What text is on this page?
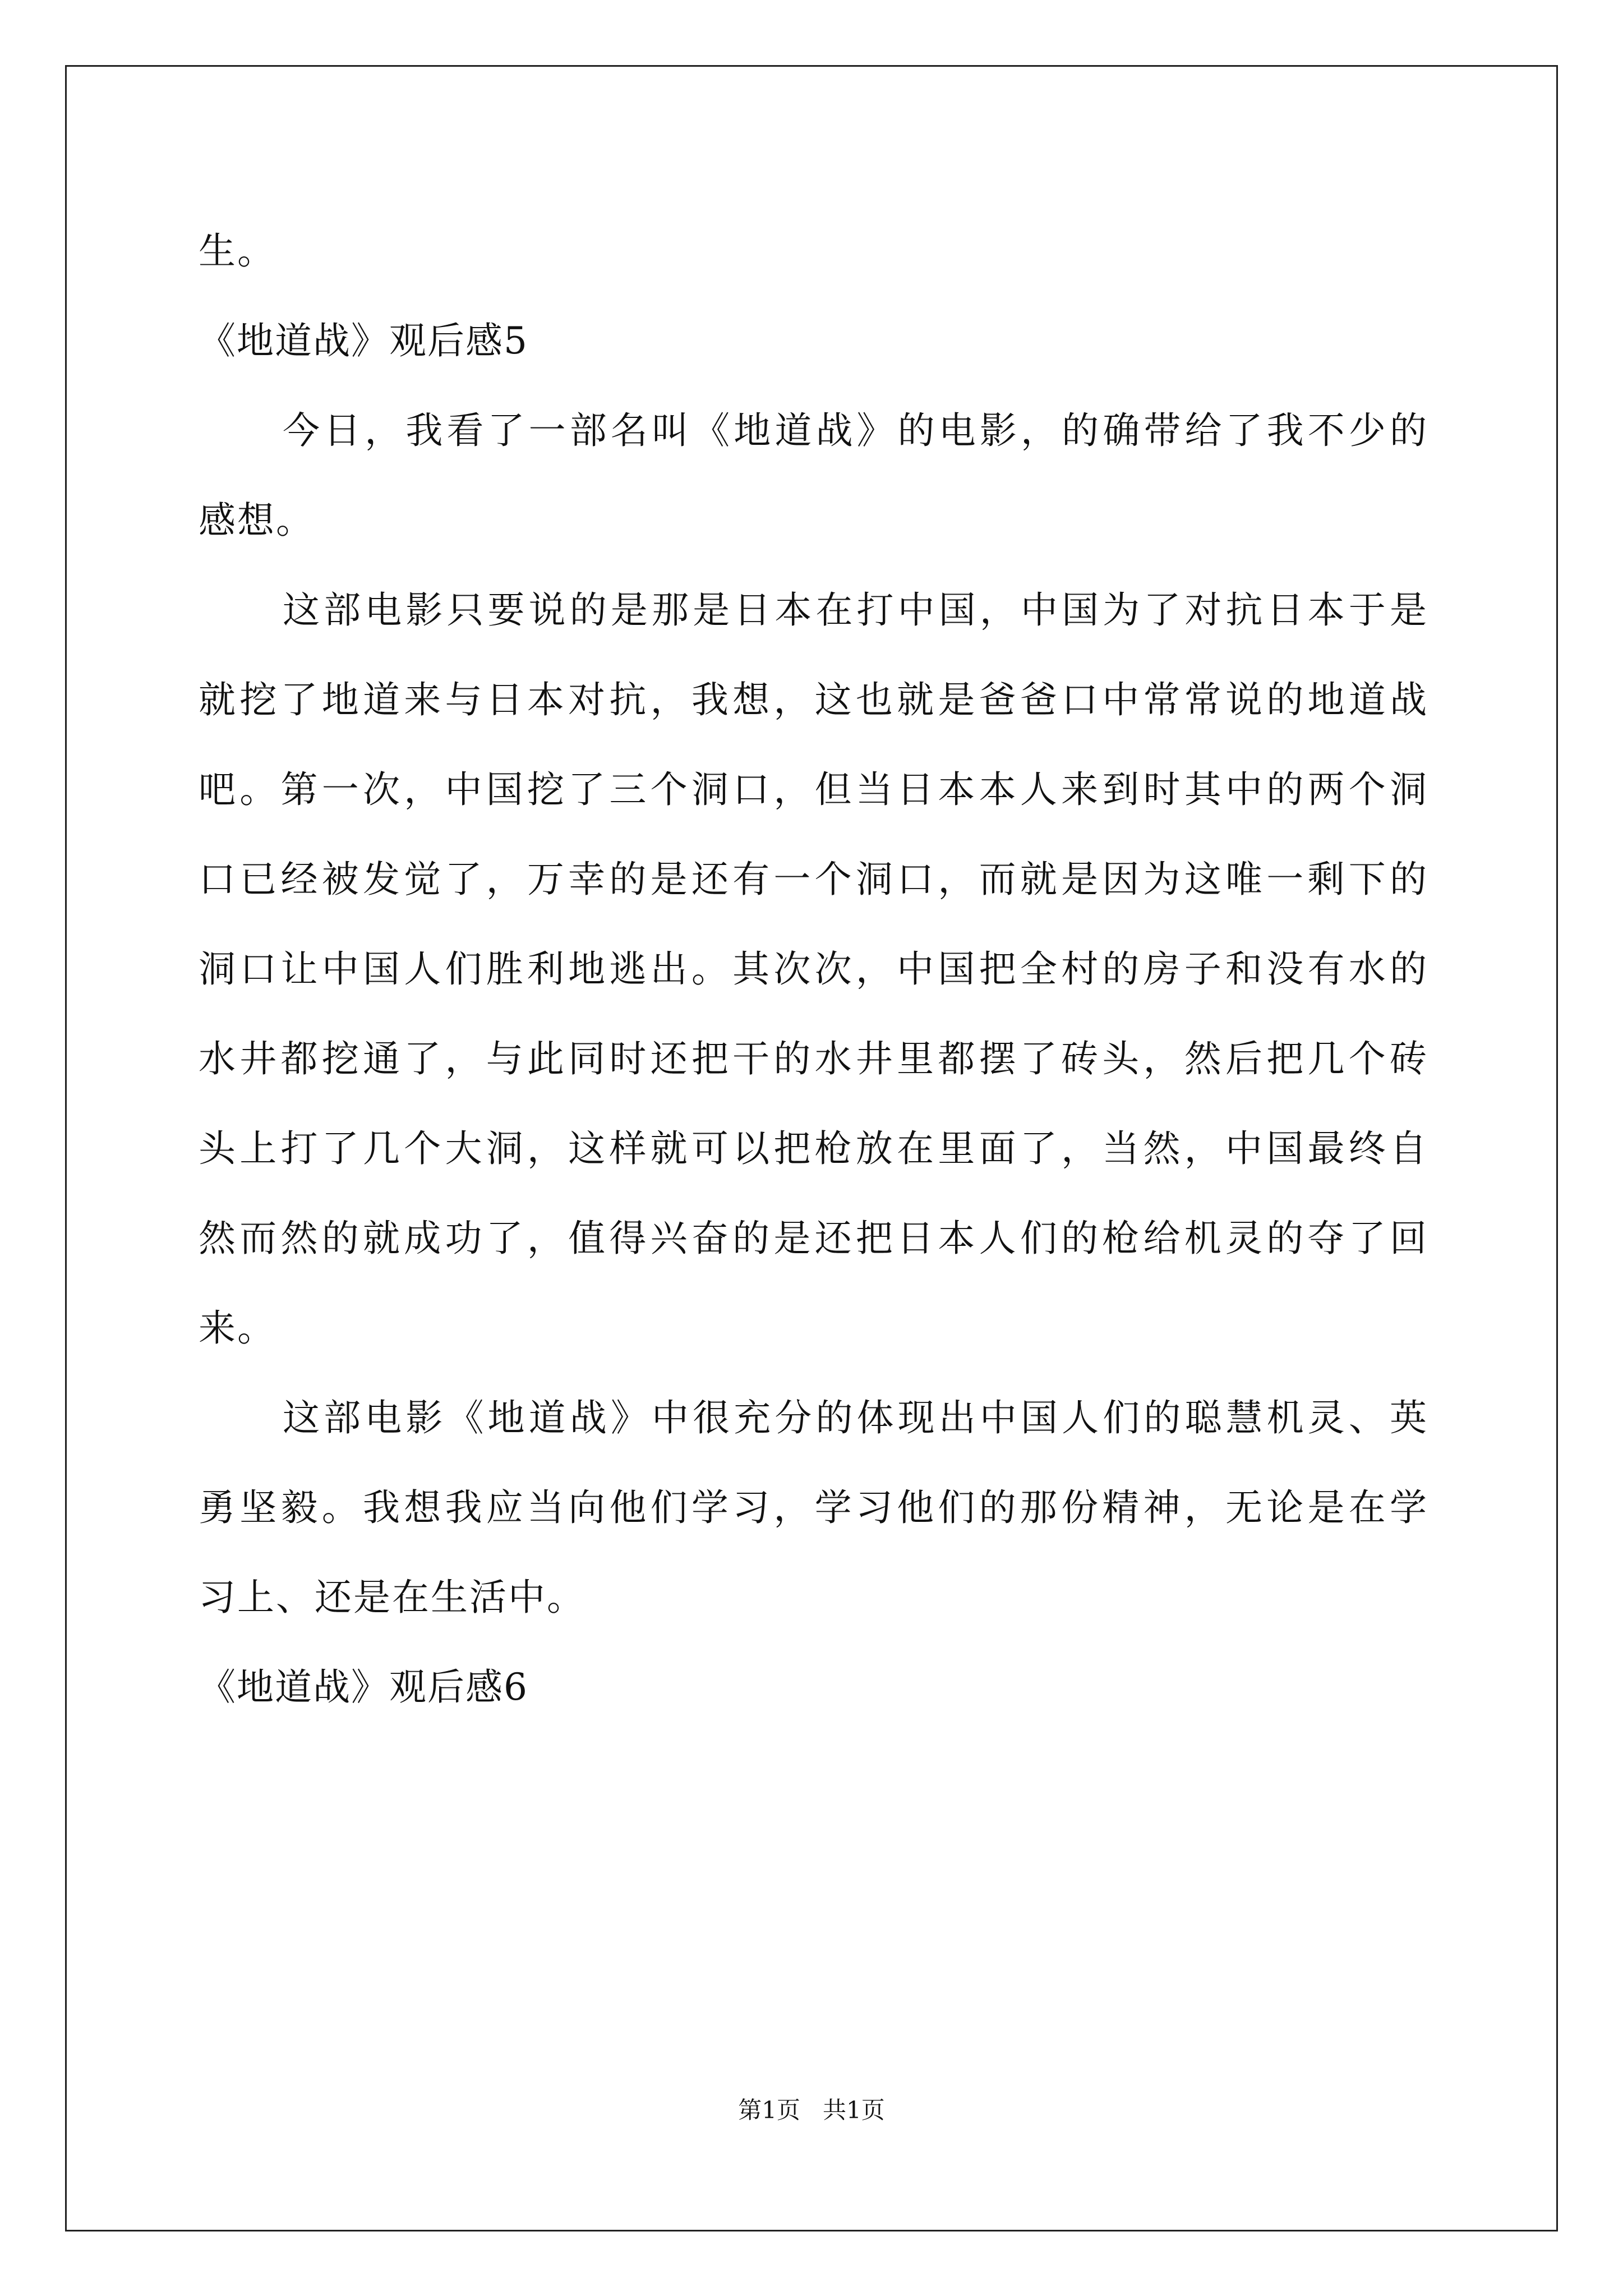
生。
《地道战》观后感5
今日，我看了一部名叫《地道战》的电影，的确带给了我不少的
感想。
这部电影只要说的是那是日本在打中国，中国为了对抗日本于是
就挖了地道来与日本对抗，我想，这也就是爸爸口中常常说的地道战
吧。第一次，中国挖了三个洞口，但当日本本人来到时其中的两个洞
口已经被发觉了，万幸的是还有一个洞口，而就是因为这唯一剩下的
洞口让中国人们胜利地逃出。其次次，中国把全村的房子和没有水的
水井都挖通了，与此同时还把干的水井里都摆了砖头，然后把几个砖
头上打了几个大洞，这样就可以把枪放在里面了，当然，中国最终自
然而然的就成功了，值得兴奋的是还把日本人们的枪给机灵的夺了回
来。
这部电影《地道战》中很充分的体现出中国人们的聪慧机灵、英
勇坚毅。我想我应当向他们学习，学习他们的那份精神，无论是在学
习上、还是在生活中。
《地道战》观后感6
第1页 共1页
